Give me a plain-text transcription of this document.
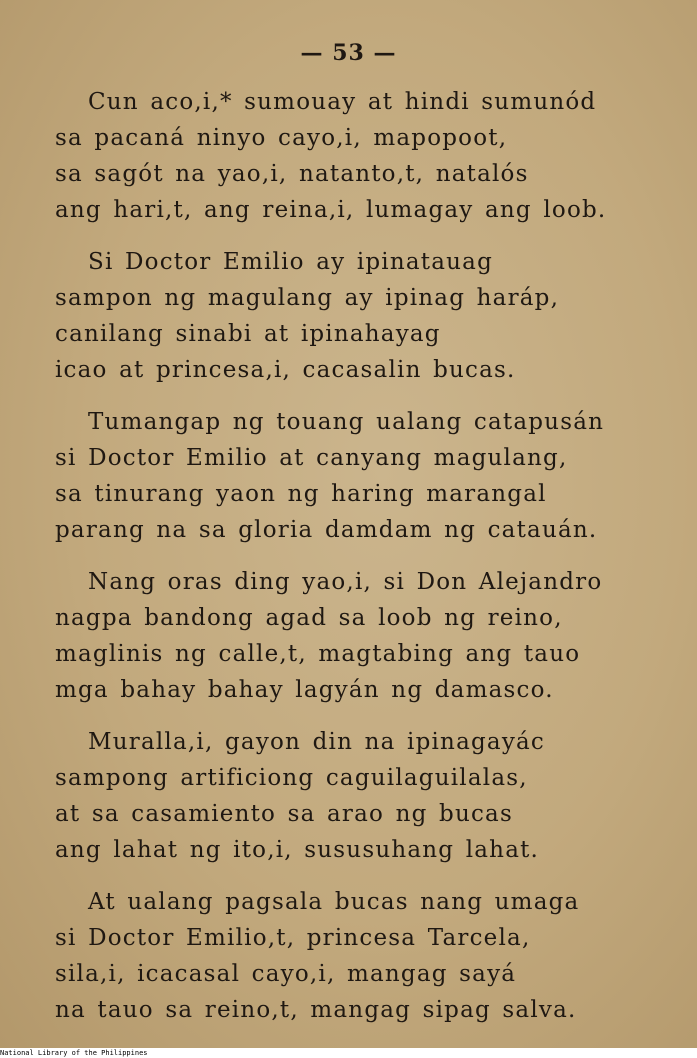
— 53 —
Cun aco,i,* sumouay at hindi sumunód
sa pacaná ninyo cayo,i, mapopoot,
sa sagót na yao,i, natanto,t, natalós
ang hari,t, ang reina,i, lumagay ang loob.
Si Doctor Emilio ay ipinatauag
sampon ng magulang ay ipinag haráp,
canilang sinabi at ipinahayag
icao at princesa,i, cacasalin bucas.
Tumangap ng touang ualang catapusán
si Doctor Emilio at canyang magulang,
sa tinurang yaon ng haring marangal
parang na sa gloria damdam ng catauán.
Nang oras ding yao,i, si Don Alejandro
nagpa bandong agad sa loob ng reino,
maglinis ng calle,t, magtabing ang tauo
mga bahay bahay lagyán ng damasco.
Muralla,i, gayon din na ipinagayác
sampong artificiong caguilaguilalas,
at sa casamiento sa arao ng bucas
ang lahat ng ito,i, sususuhang lahat.
At ualang pagsala bucas nang umaga
si Doctor Emilio,t, princesa Tarcela,
sila,i, icacasal cayo,i, mangag sayá
na tauo sa reino,t, mangag sipag salva.
National Library of the Philippines
